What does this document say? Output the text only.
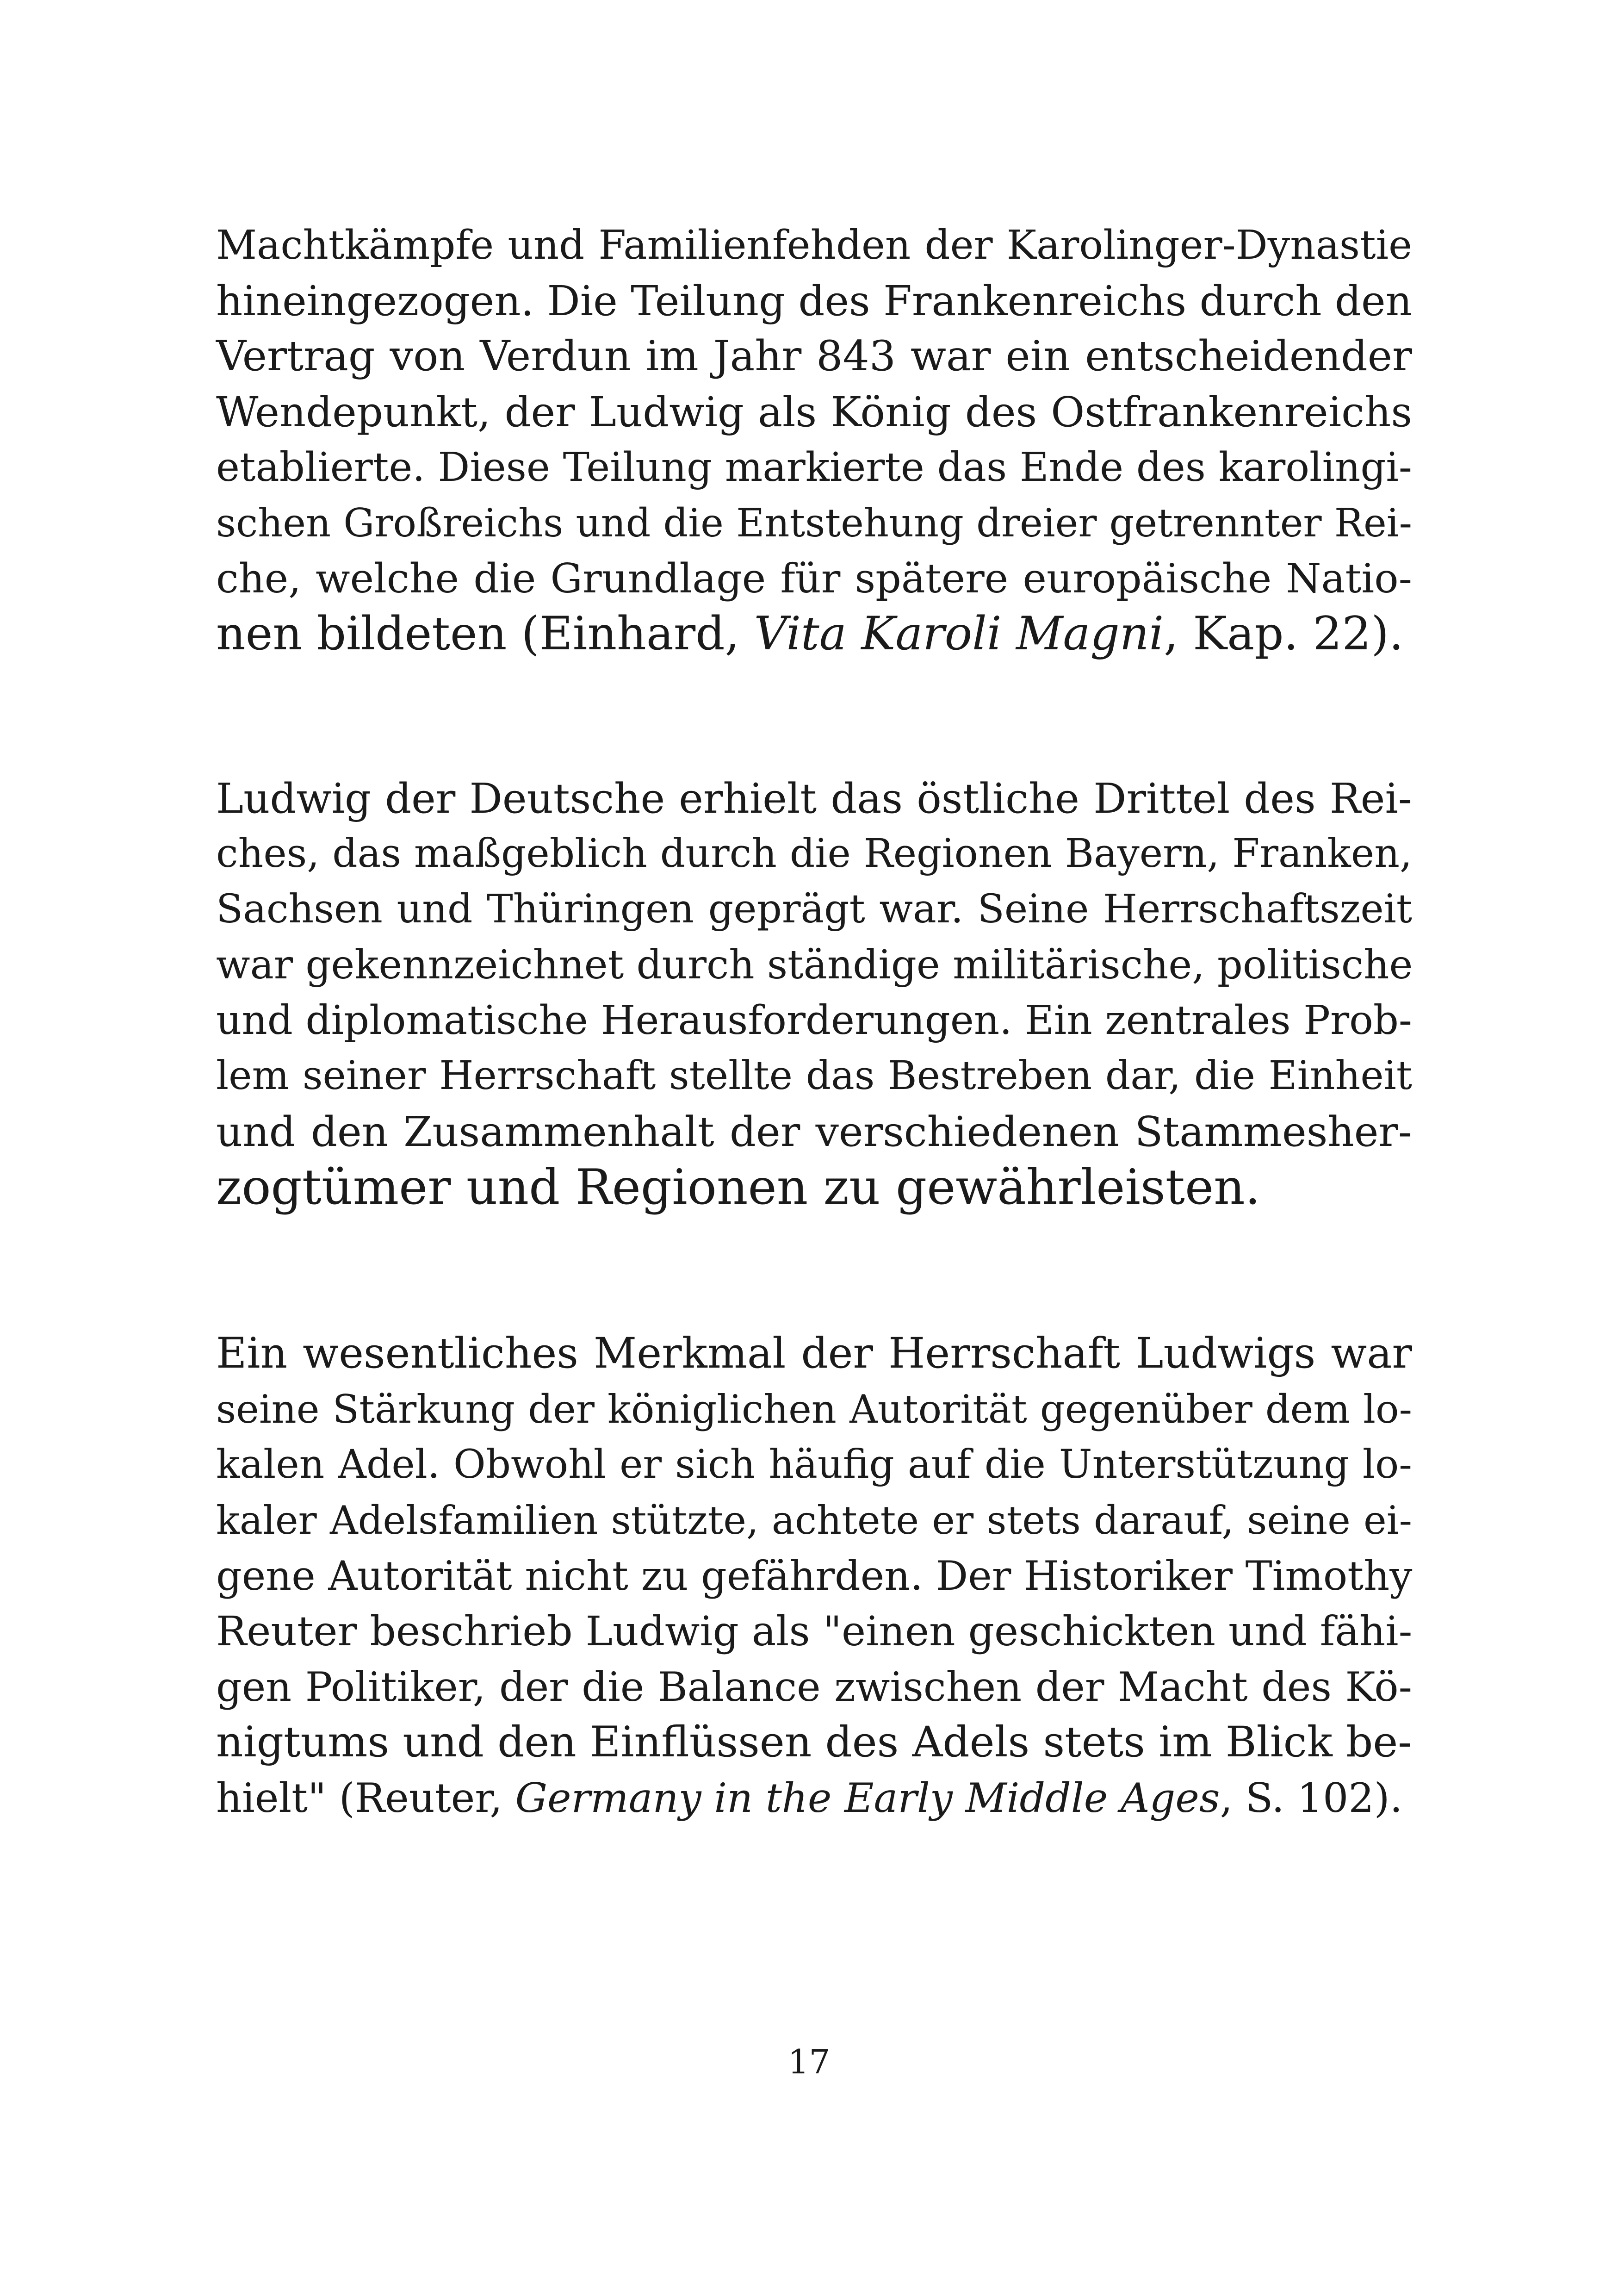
Machtkämpfe und Familienfehden der Karolinger-Dynastie
hineingezogen. Die Teilung des Frankenreichs durch den
Vertrag von Verdun im Jahr 843 war ein entscheidender
Wendepunkt, der Ludwig als König des Ostfrankenreichs
etablierte. Diese Teilung markierte das Ende des karolingi-
schen Großreichs und die Entstehung dreier getrennter Rei-
che, welche die Grundlage für spätere europäische Natio-
nen bildeten (Einhard, Vita Karoli Magni, Kap. 22).
Ludwig der Deutsche erhielt das östliche Drittel des Rei-
ches, das maßgeblich durch die Regionen Bayern, Franken,
Sachsen und Thüringen geprägt war. Seine Herrschaftszeit
war gekennzeichnet durch ständige militärische, politische
und diplomatische Herausforderungen. Ein zentrales Prob-
lem seiner Herrschaft stellte das Bestreben dar, die Einheit
und den Zusammenhalt der verschiedenen Stammesher-
zogtümer und Regionen zu gewährleisten.
Ein wesentliches Merkmal der Herrschaft Ludwigs war
seine Stärkung der königlichen Autorität gegenüber dem lo-
kalen Adel. Obwohl er sich häufig auf die Unterstützung lo-
kaler Adelsfamilien stützte, achtete er stets darauf, seine ei-
gene Autorität nicht zu gefährden. Der Historiker Timothy
Reuter beschrieb Ludwig als "einen geschickten und fähi-
gen Politiker, der die Balance zwischen der Macht des Kö-
nigtums und den Einflüssen des Adels stets im Blick be-
hielt" (Reuter, Germany in the Early Middle Ages, S. 102).
17
